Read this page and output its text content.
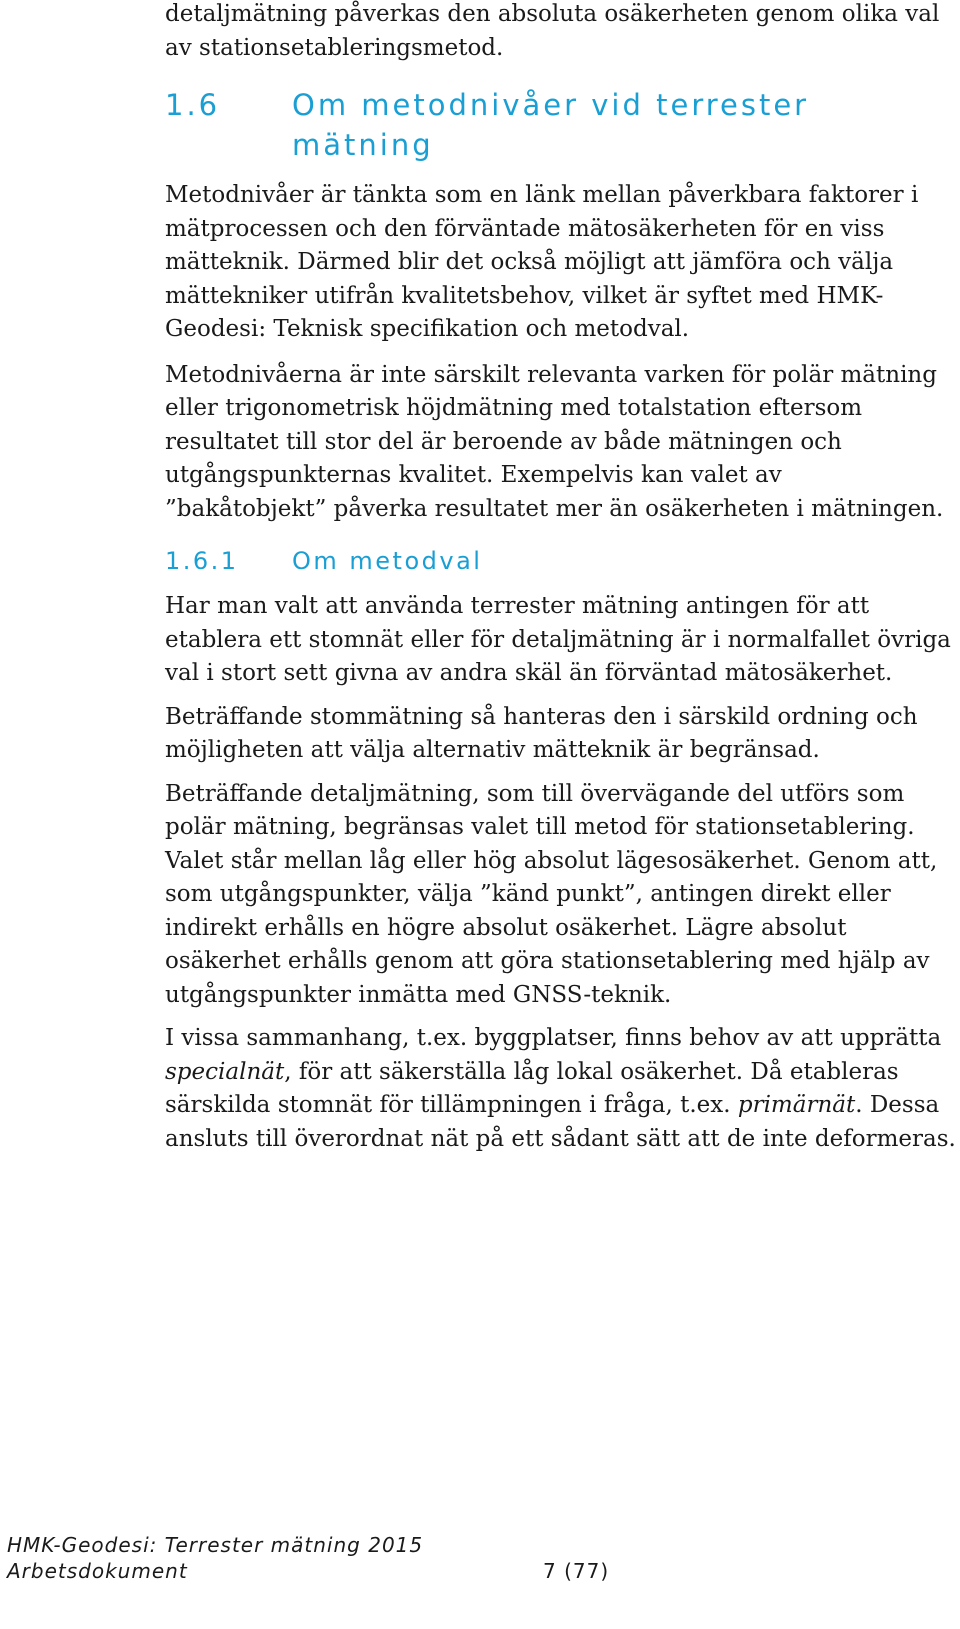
detaljmätning påverkas den absoluta osäkerheten genom olika val
av stationsetableringsmetod.

1.6 Om metodnivåer vid terrester
mätning

Metodnivåer är tänkta som en länk mellan påverkbara faktorer i
mätprocessen och den förväntade mätosäkerheten för en viss
mätteknik. Därmed blir det också möjligt att jämföra och välja
mättekniker utifrån kvalitetsbehov, vilket är syftet med HMK-
Geodesi: Teknisk specifikation och metodval.

Metodnivåerna är inte särskilt relevanta varken för polär mätning
eller trigonometrisk höjdmätning med totalstation eftersom
resultatet till stor del är beroende av både mätningen och
utgångspunkternas kvalitet. Exempelvis kan valet av
”bakåtobjekt” påverka resultatet mer än osäkerheten i mätningen.

1.6.1 Om metodval

Har man valt att använda terrester mätning antingen för att
etablera ett stomnät eller för detaljmätning är i normalfallet övriga
val i stort sett givna av andra skäl än förväntad mätosäkerhet.

Beträffande stommätning så hanteras den i särskild ordning och
möjligheten att välja alternativ mätteknik är begränsad.

Beträffande detaljmätning, som till övervägande del utförs som
polär mätning, begränsas valet till metod för stationsetablering.
Valet står mellan låg eller hög absolut lägesosäkerhet. Genom att,
som utgångspunkter, välja ”känd punkt”, antingen direkt eller
indirekt erhålls en högre absolut osäkerhet. Lägre absolut
osäkerhet erhålls genom att göra stationsetablering med hjälp av
utgångspunkter inmätta med GNSS-teknik.

I vissa sammanhang, t.ex. byggplatser, finns behov av att upprätta
specialnät, för att säkerställa låg lokal osäkerhet. Då etableras
särskilda stomnät för tillämpningen i fråga, t.ex. primärnät. Dessa
ansluts till överordnat nät på ett sådant sätt att de inte deformeras.

HMK-Geodesi: Terrester mätning 2015
Arbetsdokument	7 (77)
